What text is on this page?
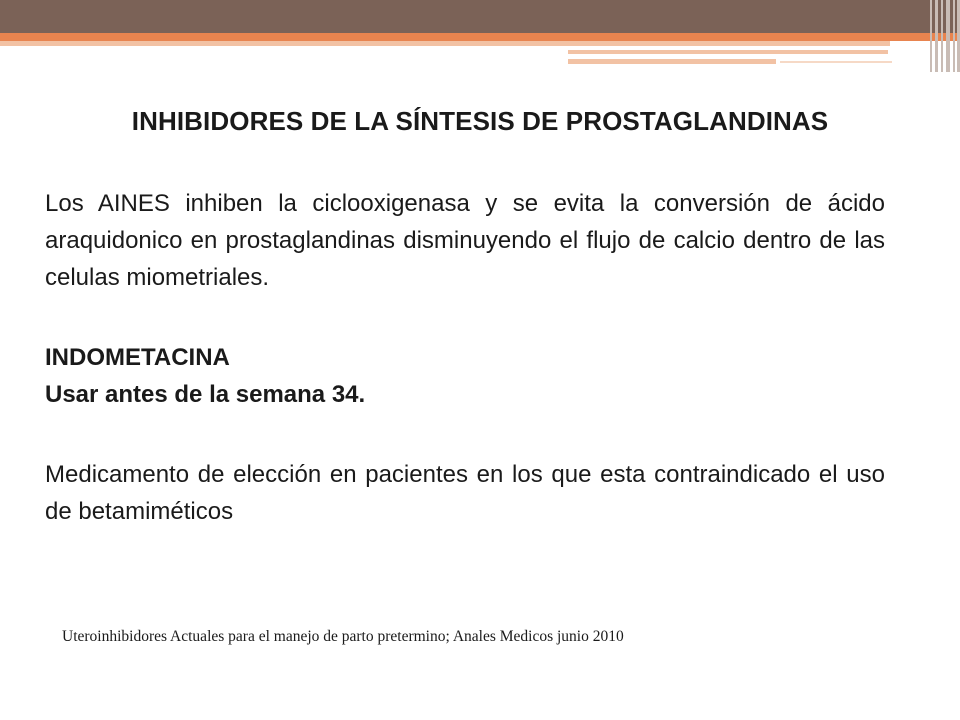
INHIBIDORES DE LA SÍNTESIS DE PROSTAGLANDINAS
Los AINES inhiben la ciclooxigenasa y se evita la conversión de ácido araquidonico en prostaglandinas disminuyendo el flujo de calcio dentro de las celulas miometriales.
INDOMETACINA
Usar antes de la semana 34.
Medicamento de elección en pacientes en los que esta contraindicado el uso de betamiméticos
Uteroinhibidores Actuales para el manejo de parto pretermino; Anales Medicos junio 2010
